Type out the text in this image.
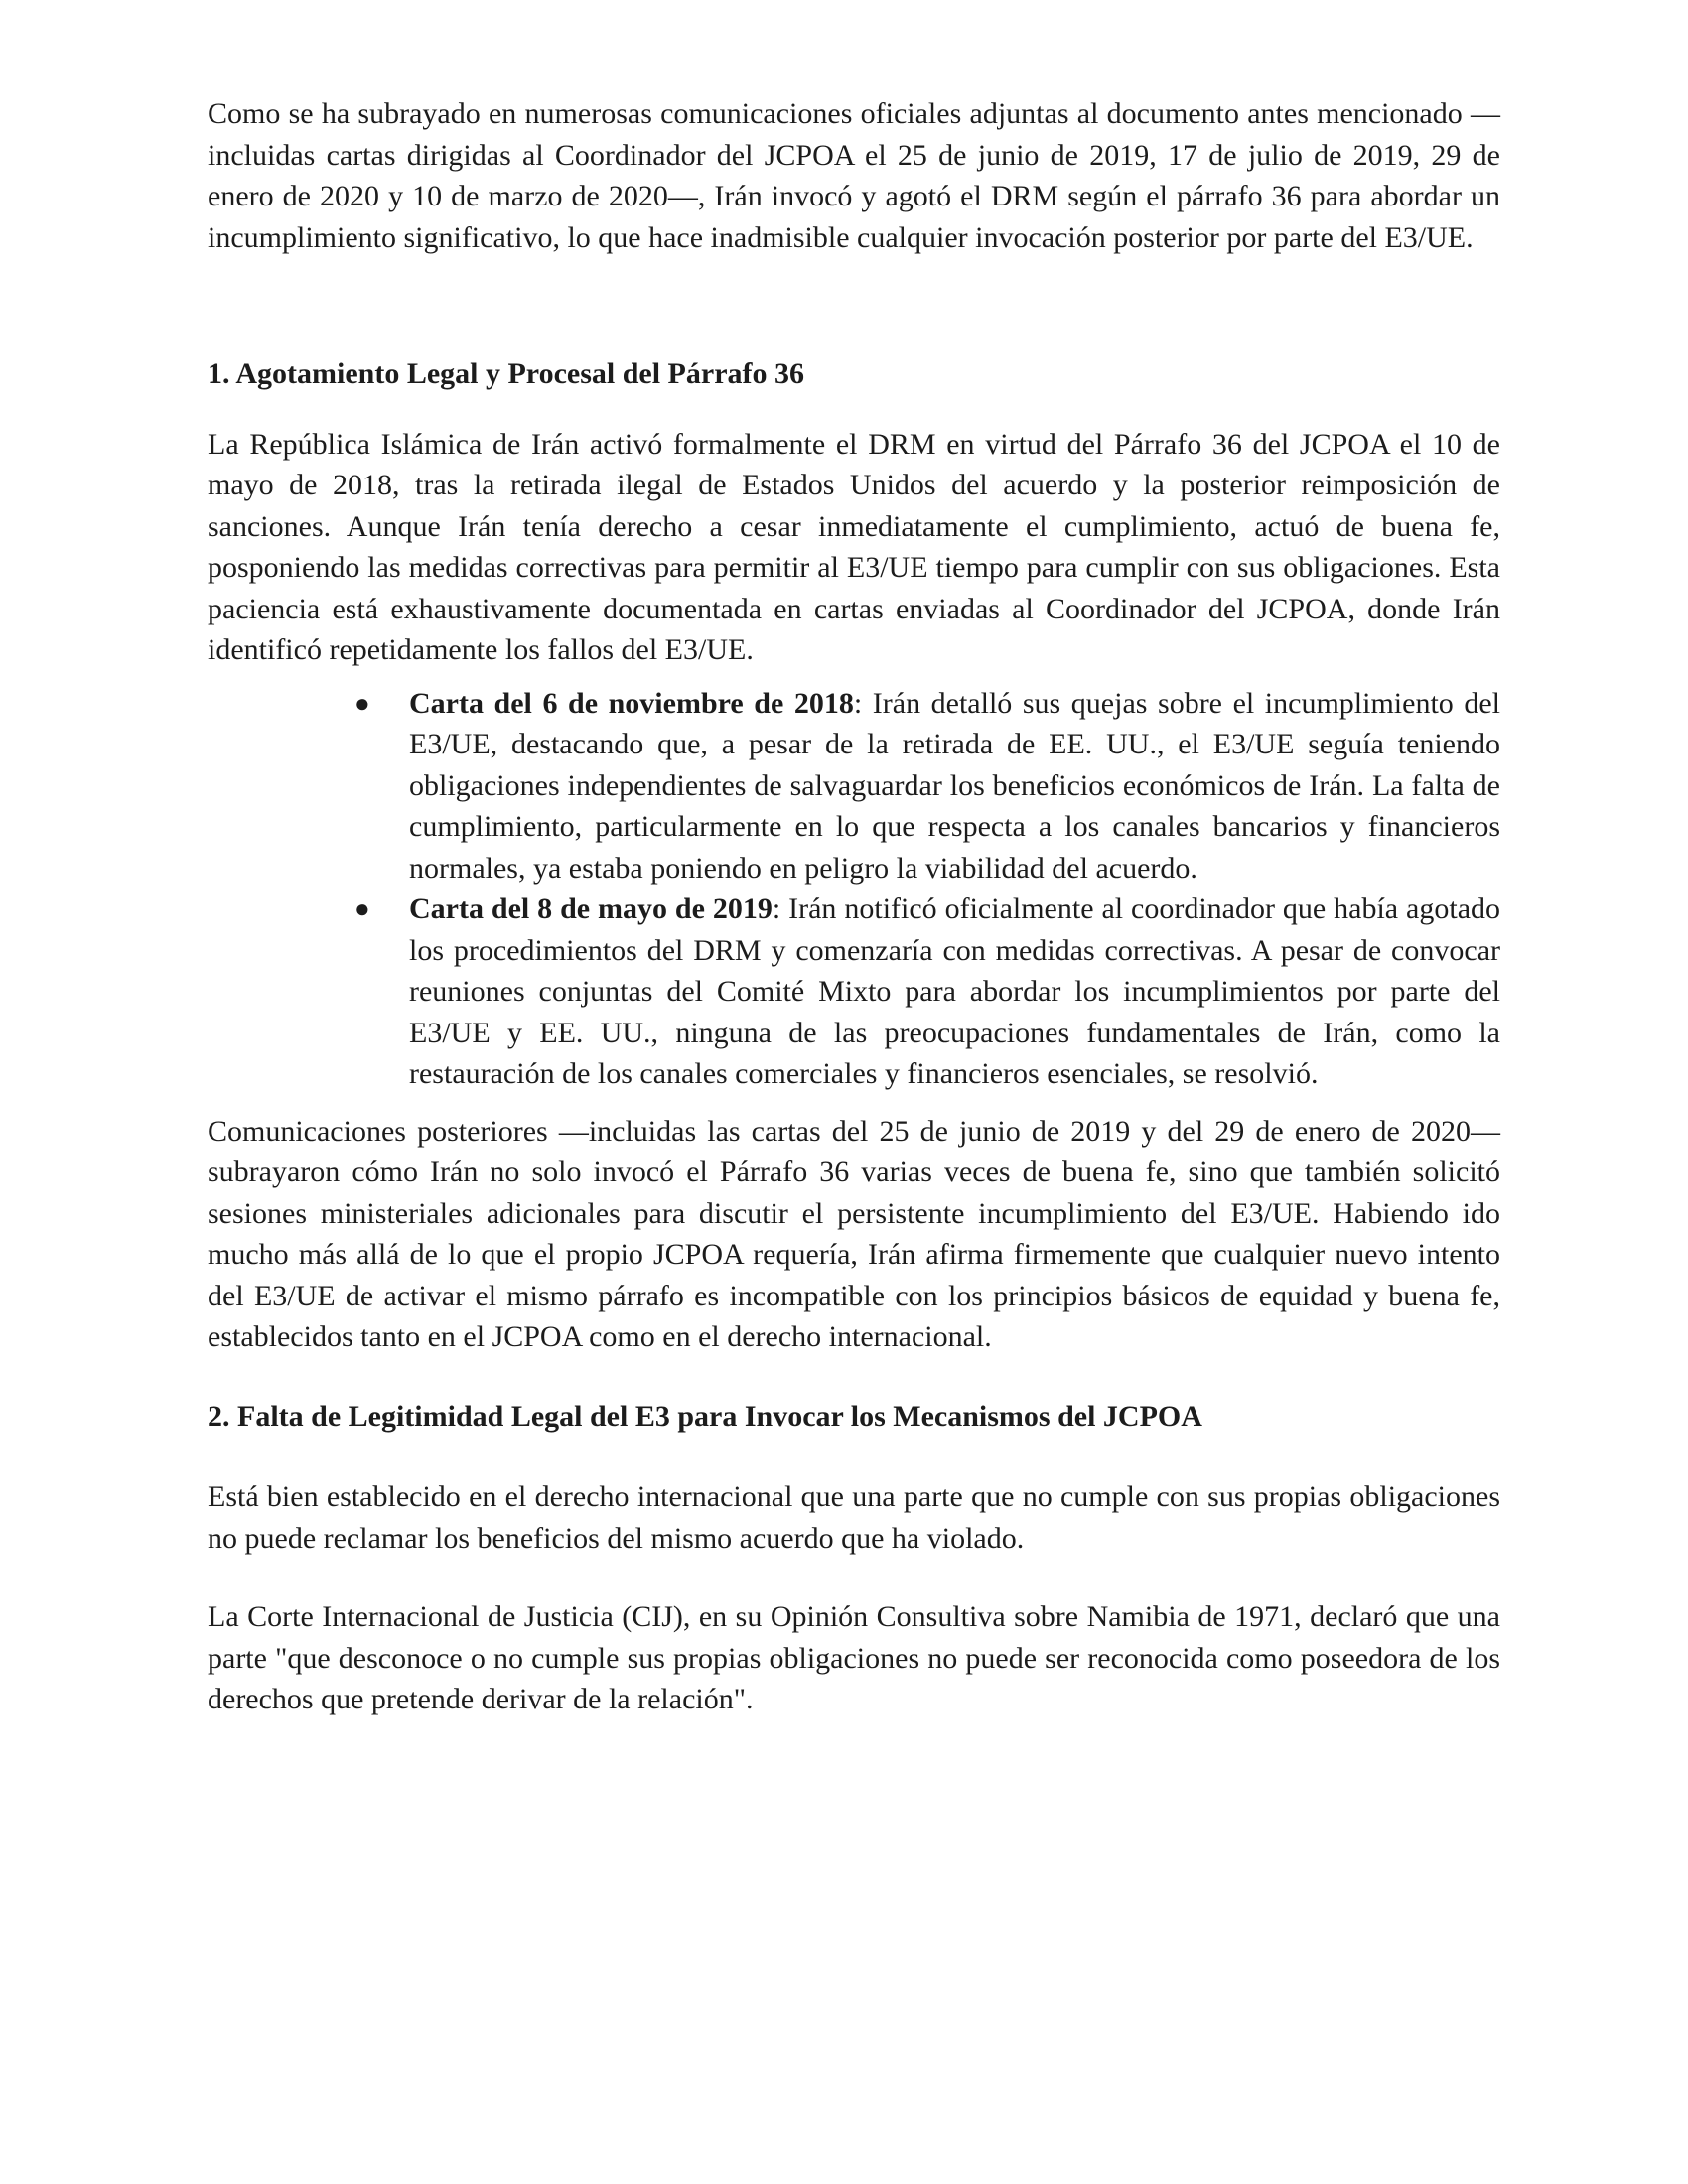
Como se ha subrayado en numerosas comunicaciones oficiales adjuntas al documento antes mencionado —incluidas cartas dirigidas al Coordinador del JCPOA el 25 de junio de 2019, 17 de julio de 2019, 29 de enero de 2020 y 10 de marzo de 2020—, Irán invocó y agotó el DRM según el párrafo 36 para abordar un incumplimiento significativo, lo que hace inadmisible cualquier invocación posterior por parte del E3/UE.

1. Agotamiento Legal y Procesal del Párrafo 36

La República Islámica de Irán activó formalmente el DRM en virtud del Párrafo 36 del JCPOA el 10 de mayo de 2018, tras la retirada ilegal de Estados Unidos del acuerdo y la posterior reimposición de sanciones. Aunque Irán tenía derecho a cesar inmediatamente el cumplimiento, actuó de buena fe, posponiendo las medidas correctivas para permitir al E3/UE tiempo para cumplir con sus obligaciones. Esta paciencia está exhaustivamente documentada en cartas enviadas al Coordinador del JCPOA, donde Irán identificó repetidamente los fallos del E3/UE.

● Carta del 6 de noviembre de 2018: Irán detalló sus quejas sobre el incumplimiento del E3/UE, destacando que, a pesar de la retirada de EE. UU., el E3/UE seguía teniendo obligaciones independientes de salvaguardar los beneficios económicos de Irán. La falta de cumplimiento, particularmente en lo que respecta a los canales bancarios y financieros normales, ya estaba poniendo en peligro la viabilidad del acuerdo.
● Carta del 8 de mayo de 2019: Irán notificó oficialmente al coordinador que había agotado los procedimientos del DRM y comenzaría con medidas correctivas. A pesar de convocar reuniones conjuntas del Comité Mixto para abordar los incumplimientos por parte del E3/UE y EE. UU., ninguna de las preocupaciones fundamentales de Irán, como la restauración de los canales comerciales y financieros esenciales, se resolvió.

Comunicaciones posteriores —incluidas las cartas del 25 de junio de 2019 y del 29 de enero de 2020— subrayaron cómo Irán no solo invocó el Párrafo 36 varias veces de buena fe, sino que también solicitó sesiones ministeriales adicionales para discutir el persistente incumplimiento del E3/UE. Habiendo ido mucho más allá de lo que el propio JCPOA requería, Irán afirma firmemente que cualquier nuevo intento del E3/UE de activar el mismo párrafo es incompatible con los principios básicos de equidad y buena fe, establecidos tanto en el JCPOA como en el derecho internacional.

2. Falta de Legitimidad Legal del E3 para Invocar los Mecanismos del JCPOA

Está bien establecido en el derecho internacional que una parte que no cumple con sus propias obligaciones no puede reclamar los beneficios del mismo acuerdo que ha violado.

La Corte Internacional de Justicia (CIJ), en su Opinión Consultiva sobre Namibia de 1971, declaró que una parte "que desconoce o no cumple sus propias obligaciones no puede ser reconocida como poseedora de los derechos que pretende derivar de la relación".
